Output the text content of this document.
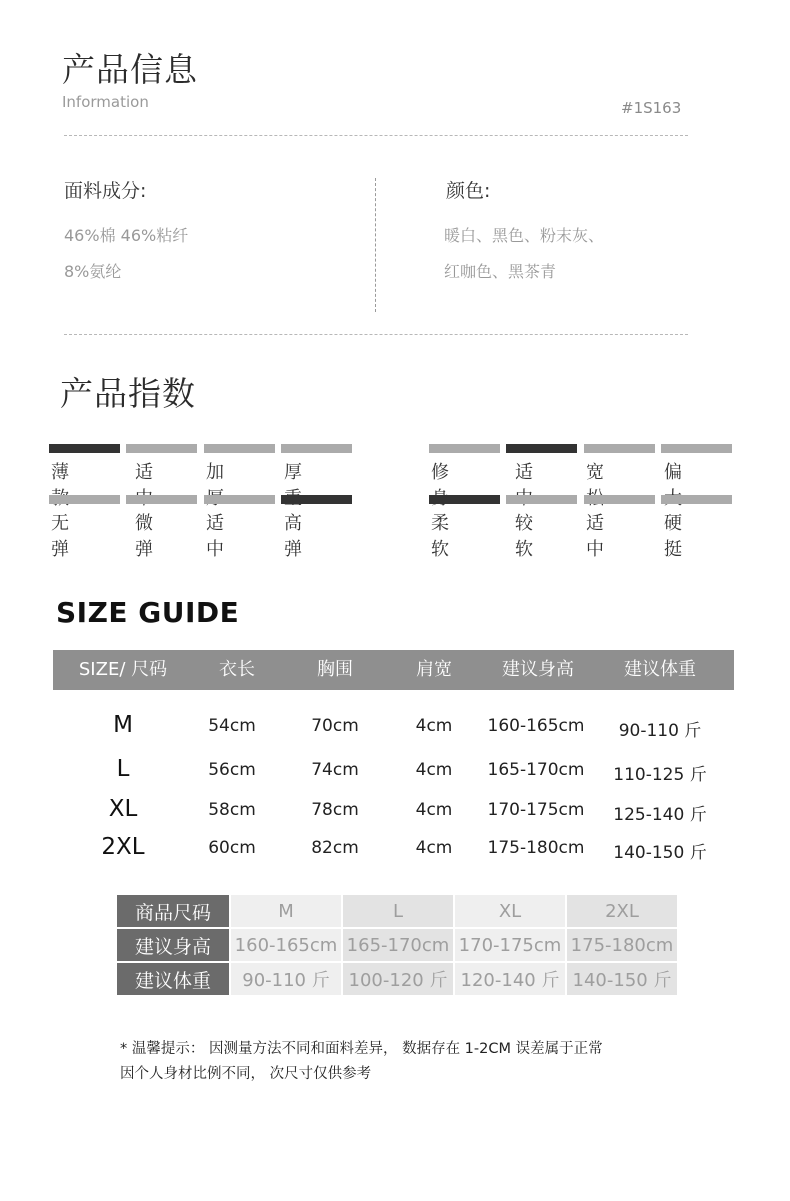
产品信息
Information	#1S163
面料成分:
46%棉 46%粘纤
8%氨纶
颜色:
暖白、黑色、粉末灰、
红咖色、黑茶青
产品指数
薄	适	加	厚
无弹
微弹
适中
高弹
修	适	宽	偏
柔软
较软
适中
硬挺
SIZE GUIDE
SIZE/ 尺码	衣长	胸围	肩宽	建议身高	建议体重
M	54cm	70cm	4cm	160-165cm	90-110 斤
L	56cm	74cm	4cm	165-170cm	110-125 斤
XL	58cm	78cm	4cm	170-175cm	125-140 斤
2XL	60cm	82cm	4cm	175-180cm	140-150 斤
商品尺码	M	L	XL	2XL
建议身高	160-165cm	165-170cm	170-175cm	175-180cm
建议体重	90-110 斤	100-120 斤	120-140 斤	140-150 斤
* 温馨提示： 因测量方法不同和面料差异， 数据存在 1-2CM 误差属于正常
因个人身材比例不同， 次尺寸仅供参考
